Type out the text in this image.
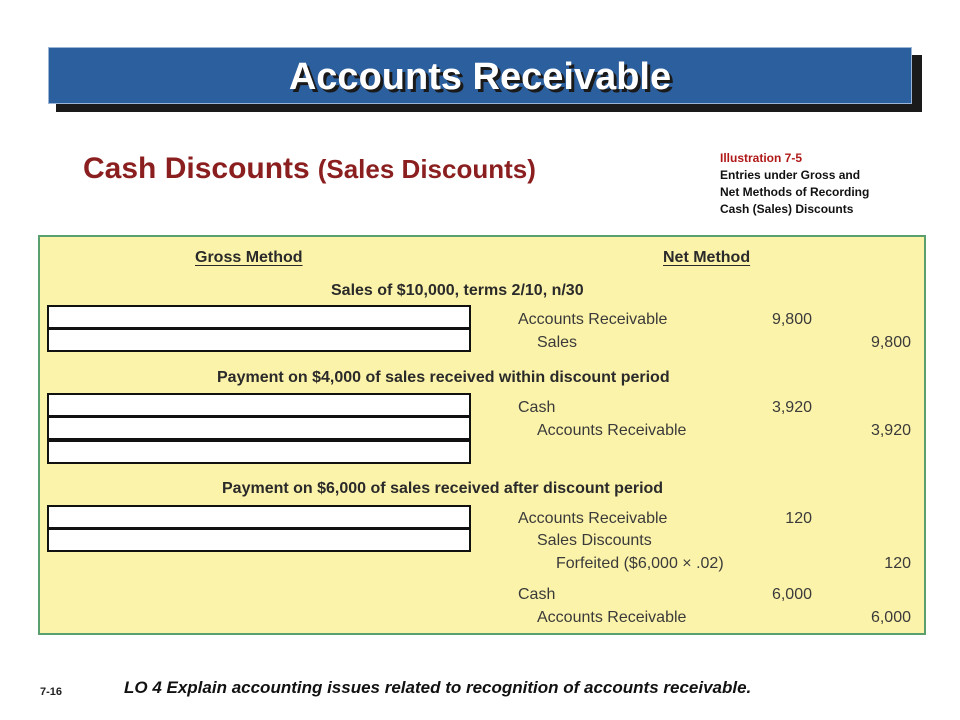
Accounts Receivable
Cash Discounts (Sales Discounts)	Illustration 7-5
Entries under Gross and
Net Methods of Recording
Cash (Sales) Discounts
Gross Method	Net Method
Sales of $10,000, terms 2/10, n/30
Payment on $4,000 of sales received within discount period
Payment on $6,000 of sales received after discount period
Accounts Receivable	9,800
Sales	9,800
Cash	3,920
Accounts Receivable	3,920
Accounts Receivable	120
Sales Discounts
Forfeited ($6,000 × .02)	120
Cash	6,000
Accounts Receivable	6,000
7-16	LO 4 Explain accounting issues related to recognition of accounts receivable.
